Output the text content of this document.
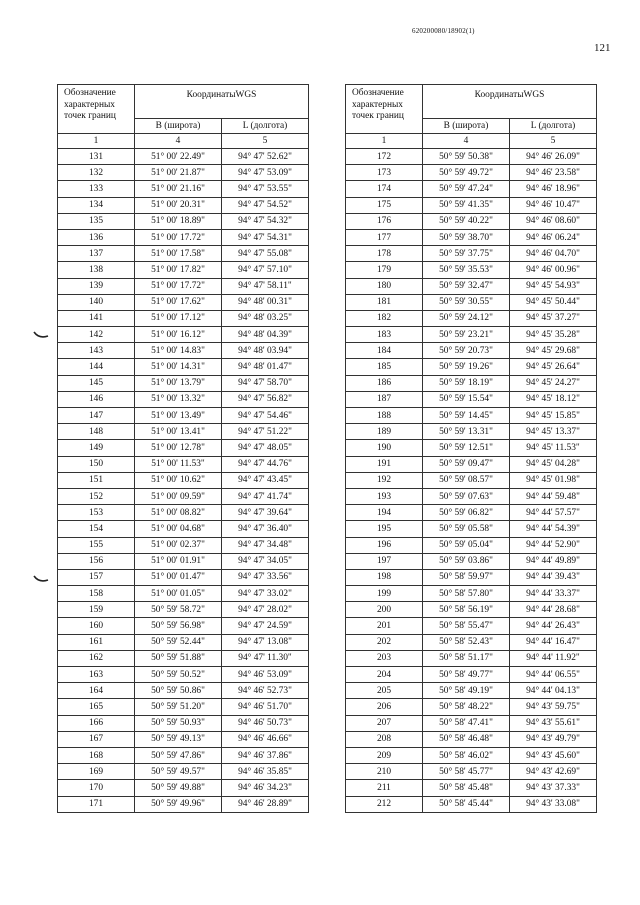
620200080/18902(1)
121
Обозначение характерных точек границ	КоординатыWGS	
	B (широта)	L (долгота)
1	4	5
131	51° 00' 22.49"	94° 47' 52.62"
132	51° 00' 21.87"	94° 47' 53.09"
133	51° 00' 21.16"	94° 47' 53.55"
134	51° 00' 20.31"	94° 47' 54.52"
135	51° 00' 18.89"	94° 47' 54.32"
136	51° 00' 17.72"	94° 47' 54.31"
137	51° 00' 17.58"	94° 47' 55.08"
138	51° 00' 17.82"	94° 47' 57.10"
139	51° 00' 17.72"	94° 47' 58.11"
140	51° 00' 17.62"	94° 48' 00.31"
141	51° 00' 17.12"	94° 48' 03.25"
142	51° 00' 16.12"	94° 48' 04.39"
143	51° 00' 14.83"	94° 48' 03.94"
144	51° 00' 14.31"	94° 48' 01.47"
145	51° 00' 13.79"	94° 47' 58.70"
146	51° 00' 13.32"	94° 47' 56.82"
147	51° 00' 13.49"	94° 47' 54.46"
148	51° 00' 13.41"	94° 47' 51.22"
149	51° 00' 12.78"	94° 47' 48.05"
150	51° 00' 11.53"	94° 47' 44.76"
151	51° 00' 10.62"	94° 47' 43.45"
152	51° 00' 09.59"	94° 47' 41.74"
153	51° 00' 08.82"	94° 47' 39.64"
154	51° 00' 04.68"	94° 47' 36.40"
155	51° 00' 02.37"	94° 47' 34.48"
156	51° 00' 01.91"	94° 47' 34.05"
157	51° 00' 01.47"	94° 47' 33.56"
158	51° 00' 01.05"	94° 47' 33.02"
159	50° 59' 58.72"	94° 47' 28.02"
160	50° 59' 56.98"	94° 47' 24.59"
161	50° 59' 52.44"	94° 47' 13.08"
162	50° 59' 51.88"	94° 47' 11.30"
163	50° 59' 50.52"	94° 46' 53.09"
164	50° 59' 50.86"	94° 46' 52.73"
165	50° 59' 51.20"	94° 46' 51.70"
166	50° 59' 50.93"	94° 46' 50.73"
167	50° 59' 49.13"	94° 46' 46.66"
168	50° 59' 47.86"	94° 46' 37.86"
169	50° 59' 49.57"	94° 46' 35.85"
170	50° 59' 49.88"	94° 46' 34.23"
171	50° 59' 49.96"	94° 46' 28.89"
Обозначение характерных точек границ	КоординатыWGS	
	B (широта)	L (долгота)
1	4	5
172	50° 59' 50.38"	94° 46' 26.09"
173	50° 59' 49.72"	94° 46' 23.58"
174	50° 59' 47.24"	94° 46' 18.96"
175	50° 59' 41.35"	94° 46' 10.47"
176	50° 59' 40.22"	94° 46' 08.60"
177	50° 59' 38.70"	94° 46' 06.24"
178	50° 59' 37.75"	94° 46' 04.70"
179	50° 59' 35.53"	94° 46' 00.96"
180	50° 59' 32.47"	94° 45' 54.93"
181	50° 59' 30.55"	94° 45' 50.44"
182	50° 59' 24.12"	94° 45' 37.27"
183	50° 59' 23.21"	94° 45' 35.28"
184	50° 59' 20.73"	94° 45' 29.68"
185	50° 59' 19.26"	94° 45' 26.64"
186	50° 59' 18.19"	94° 45' 24.27"
187	50° 59' 15.54"	94° 45' 18.12"
188	50° 59' 14.45"	94° 45' 15.85"
189	50° 59' 13.31"	94° 45' 13.37"
190	50° 59' 12.51"	94° 45' 11.53"
191	50° 59' 09.47"	94° 45' 04.28"
192	50° 59' 08.57"	94° 45' 01.98"
193	50° 59' 07.63"	94° 44' 59.48"
194	50° 59' 06.82"	94° 44' 57.57"
195	50° 59' 05.58"	94° 44' 54.39"
196	50° 59' 05.04"	94° 44' 52.90"
197	50° 59' 03.86"	94° 44' 49.89"
198	50° 58' 59.97"	94° 44' 39.43"
199	50° 58' 57.80"	94° 44' 33.37"
200	50° 58' 56.19"	94° 44' 28.68"
201	50° 58' 55.47"	94° 44' 26.43"
202	50° 58' 52.43"	94° 44' 16.47"
203	50° 58' 51.17"	94° 44' 11.92"
204	50° 58' 49.77"	94° 44' 06.55"
205	50° 58' 49.19"	94° 44' 04.13"
206	50° 58' 48.22"	94° 43' 59.75"
207	50° 58' 47.41"	94° 43' 55.61"
208	50° 58' 46.48"	94° 43' 49.79"
209	50° 58' 46.02"	94° 43' 45.60"
210	50° 58' 45.77"	94° 43' 42.69"
211	50° 58' 45.48"	94° 43' 37.33"
212	50° 58' 45.44"	94° 43' 33.08"
